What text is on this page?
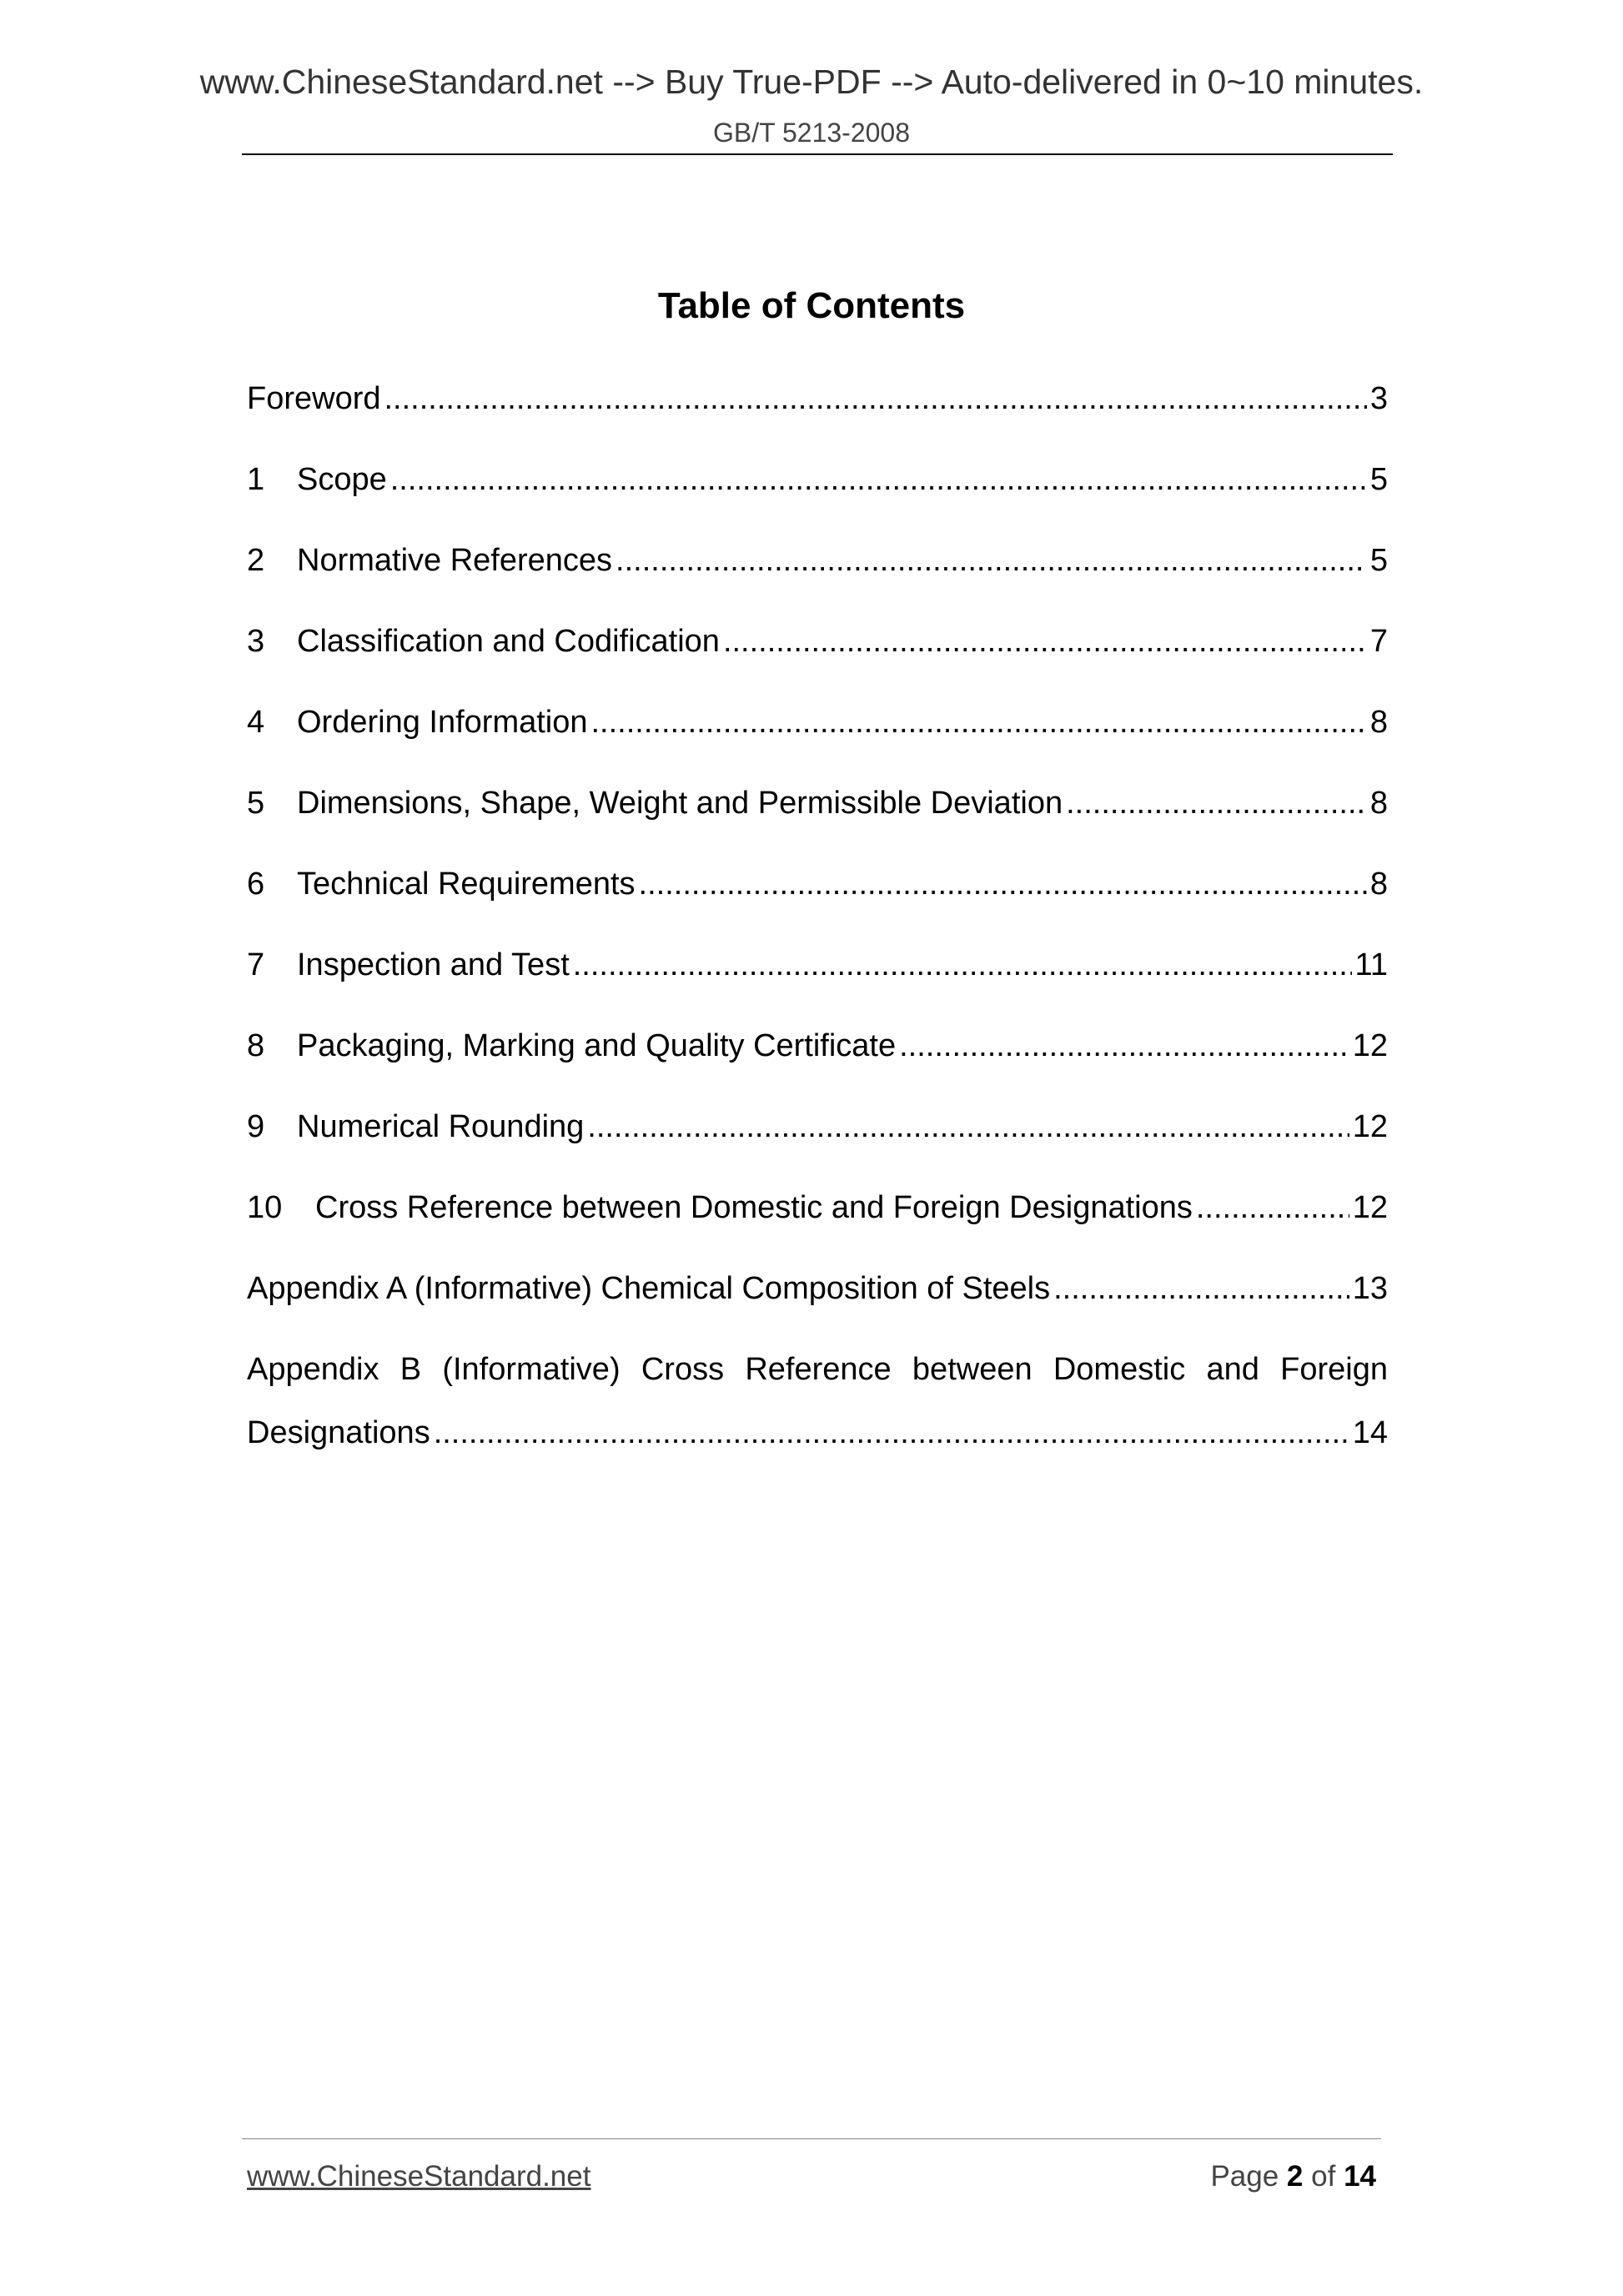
www.ChineseStandard.net --> Buy True-PDF --> Auto-delivered in 0~10 minutes.
GB/T 5213-2008
Table of Contents
Foreword .....	3
1	Scope .....	5
2	Normative References .....	5
3	Classification and Codification .....	7
4	Ordering Information .....	8
5	Dimensions, Shape, Weight and Permissible Deviation .....	8
6	Technical Requirements .....	8
7	Inspection and Test .....	11
8	Packaging, Marking and Quality Certificate .....	12
9	Numerical Rounding .....	12
10	Cross Reference between Domestic and Foreign Designations .....	12
Appendix A (Informative) Chemical Composition of Steels .....	13
Appendix B (Informative) Cross Reference between Domestic and Foreign
Designations .....	14
www.ChineseStandard.net	Page 2 of 14
